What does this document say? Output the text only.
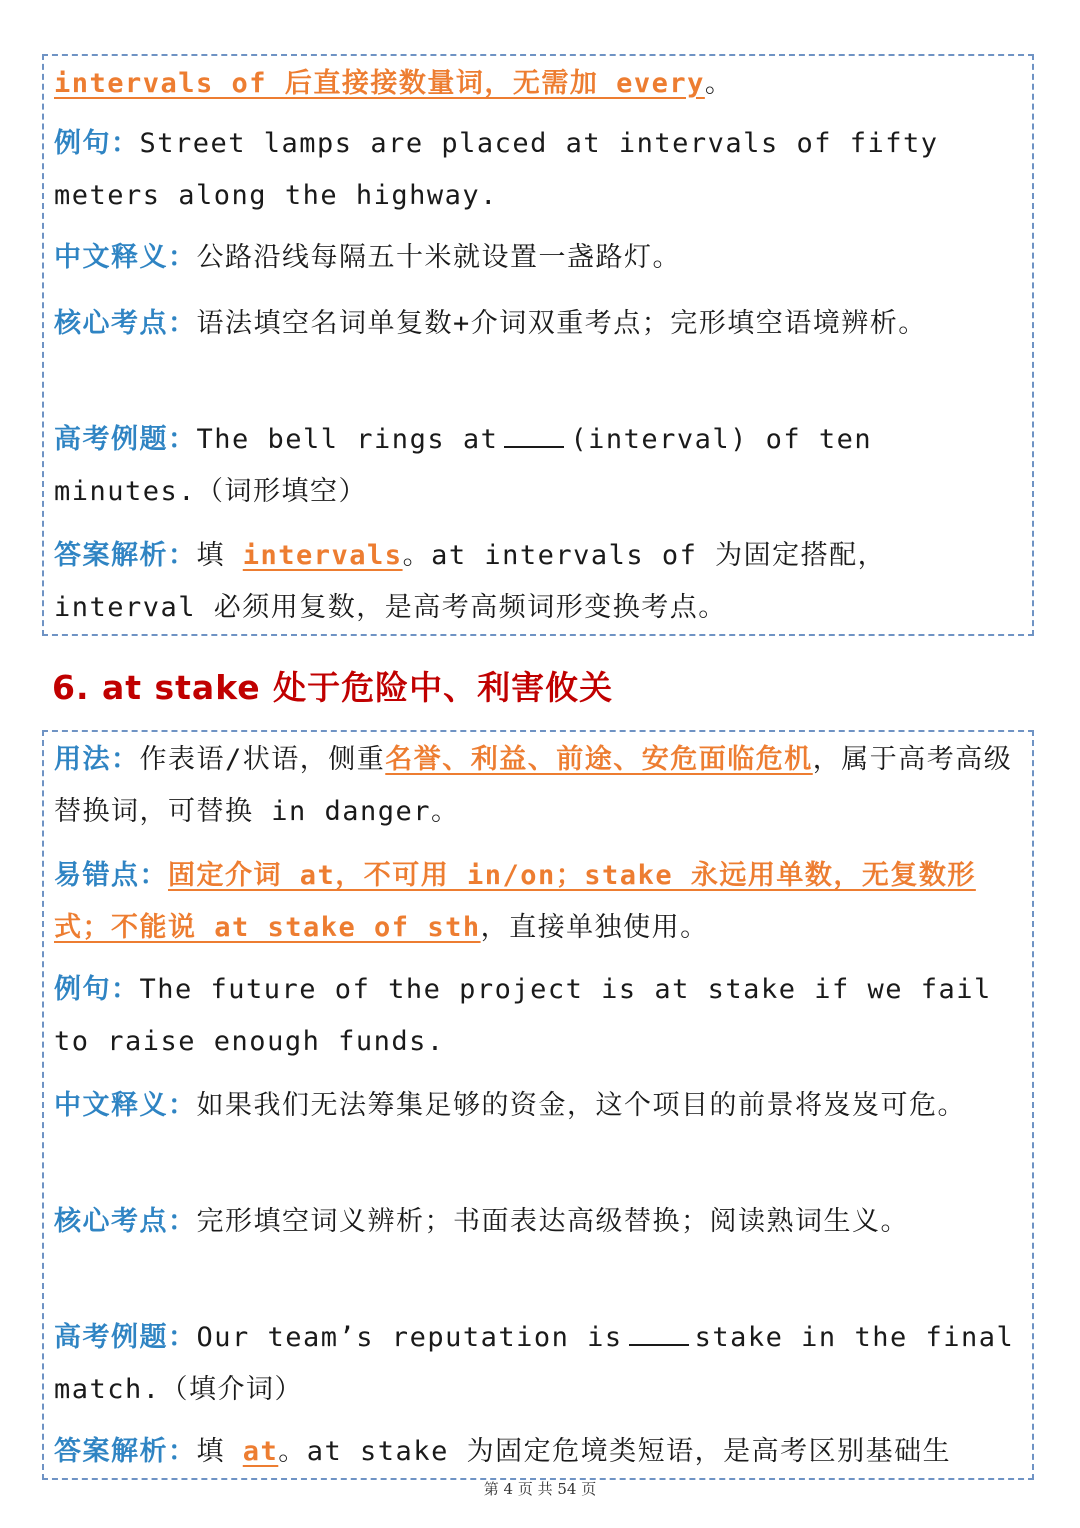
intervals of 后直接接数量词，无需加 every。
例句：Street lamps are placed at intervals of fifty meters along the highway.
中文释义：公路沿线每隔五十米就设置一盏路灯。
核心考点：语法填空名词单复数+介词双重考点；完形填空语境辨析。
高考例题：The bell rings at	(interval) of ten minutes.（词形填空）
答案解析：填 intervals。at intervals of 为固定搭配，interval 必须用复数，是高考高频词形变换考点。
6. at stake 处于危险中、利害攸关
用法：作表语/状语，侧重名誉、利益、前途、安危面临危机，属于高考高级替换词，可替换 in danger。
易错点：固定介词 at，不可用 in/on；stake 永远用单数，无复数形式；不能说 at stake of sth，直接单独使用。
例句：The future of the project is at stake if we fail to raise enough funds.
中文释义：如果我们无法筹集足够的资金，这个项目的前景将岌岌可危。
核心考点：完形填空词义辨析；书面表达高级替换；阅读熟词生义。
高考例题：Our team’s reputation is	stake in the final match.（填介词）
答案解析：填 at。at stake 为固定危境类短语，是高考区别基础生
第 4 页 共 54 页
